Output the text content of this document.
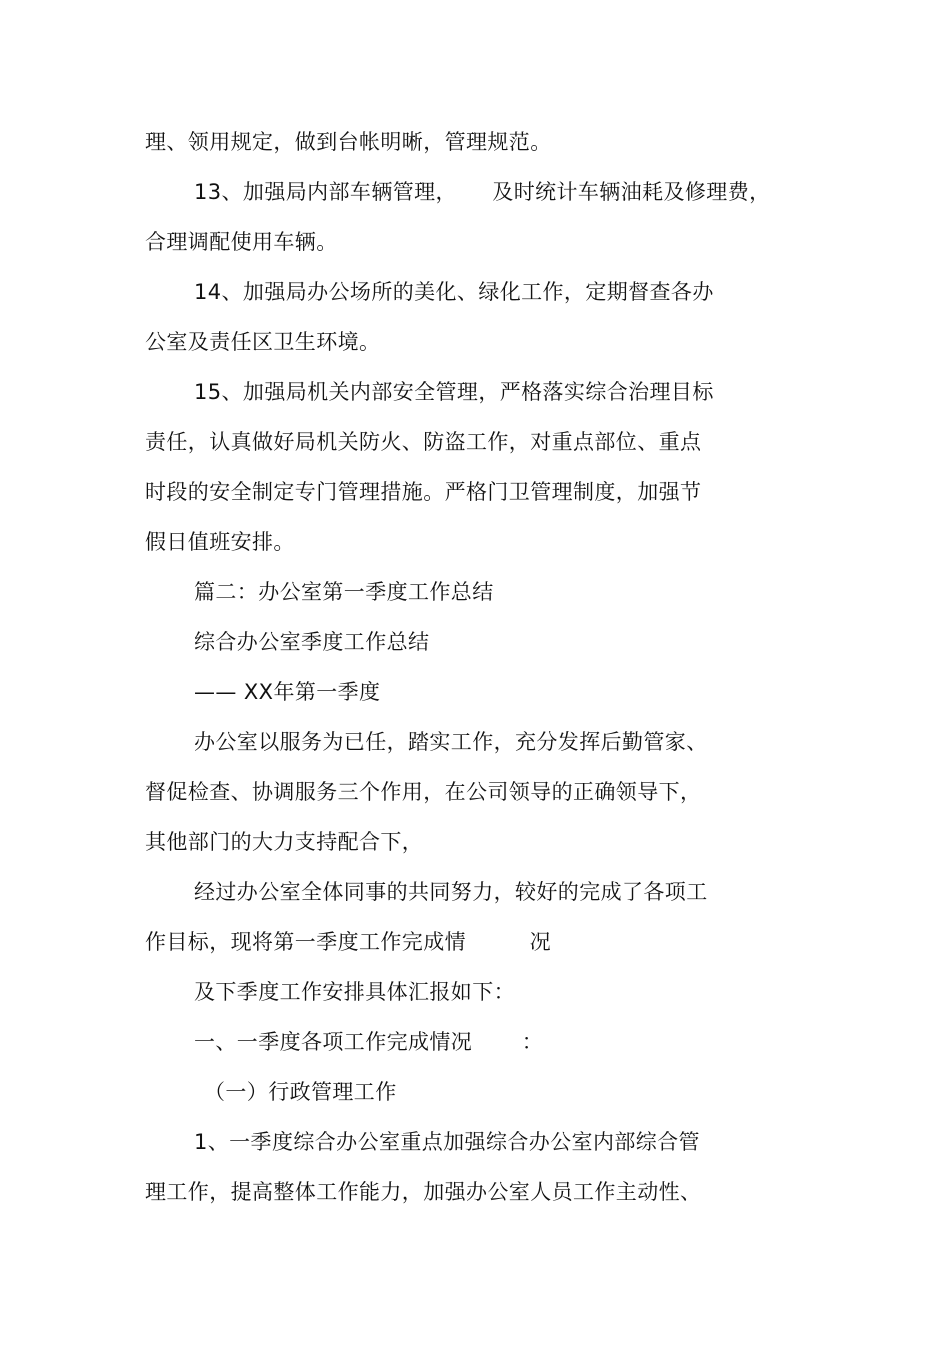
理、领用规定，做到台帐明晰，管理规范。
13、加强局内部车辆管理，     及时统计车辆油耗及修理费，
合理调配使用车辆。
14、加强局办公场所的美化、绿化工作，定期督查各办
公室及责任区卫生环境。
15、加强局机关内部安全管理，严格落实综合治理目标
责任，认真做好局机关防火、防盗工作，对重点部位、重点
时段的安全制定专门管理措施。严格门卫管理制度，加强节
假日值班安排。
篇二：办公室第一季度工作总结
综合办公室季度工作总结
—— XX年第一季度
办公室以服务为已任，踏实工作，充分发挥后勤管家、
督促检查、协调服务三个作用，在公司领导的正确领导下，
其他部门的大力支持配合下，
经过办公室全体同事的共同努力，较好的完成了各项工
作目标，现将第一季度工作完成情         况
及下季度工作安排具体汇报如下：
一、一季度各项工作完成情况       ：
（一）行政管理工作
1、一季度综合办公室重点加强综合办公室内部综合管
理工作，提高整体工作能力，加强办公室人员工作主动性、
